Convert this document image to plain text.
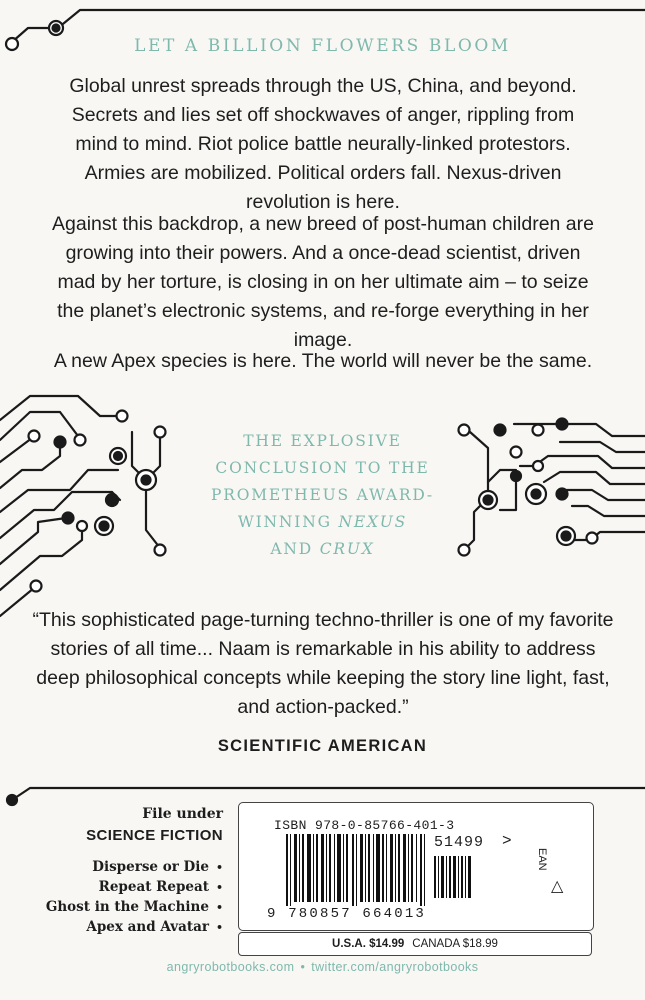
LET A BILLION FLOWERS BLOOM
Global unrest spreads through the US, China, and beyond. Secrets and lies set off shockwaves of anger, rippling from mind to mind. Riot police battle neurally-linked protestors. Armies are mobilized. Political orders fall. Nexus-driven revolution is here.
Against this backdrop, a new breed of post-human children are growing into their powers. And a once-dead scientist, driven mad by her torture, is closing in on her ultimate aim – to seize the planet’s electronic systems, and re-forge everything in her image.
A new Apex species is here. The world will never be the same.
THE EXPLOSIVE
CONCLUSION TO THE
PROMETHEUS AWARD-
WINNING NEXUS
AND CRUX
“This sophisticated page-turning techno-thriller is one of my favorite stories of all time... Naam is remarkable in his ability to address deep philosophical concepts while keeping the story line light, fast, and action-packed.”
SCIENTIFIC AMERICAN
File under
SCIENCE FICTION
Disperse or Die •
Repeat Repeat •
Ghost in the Machine •
Apex and Avatar •
ISBN 978-0-85766-401-3
51499 >
EAN
△
9 780857 664013
U.S.A. $14.99 CANADA $18.99
angryrobotbooks.com • twitter.com/angryrobotbooks
